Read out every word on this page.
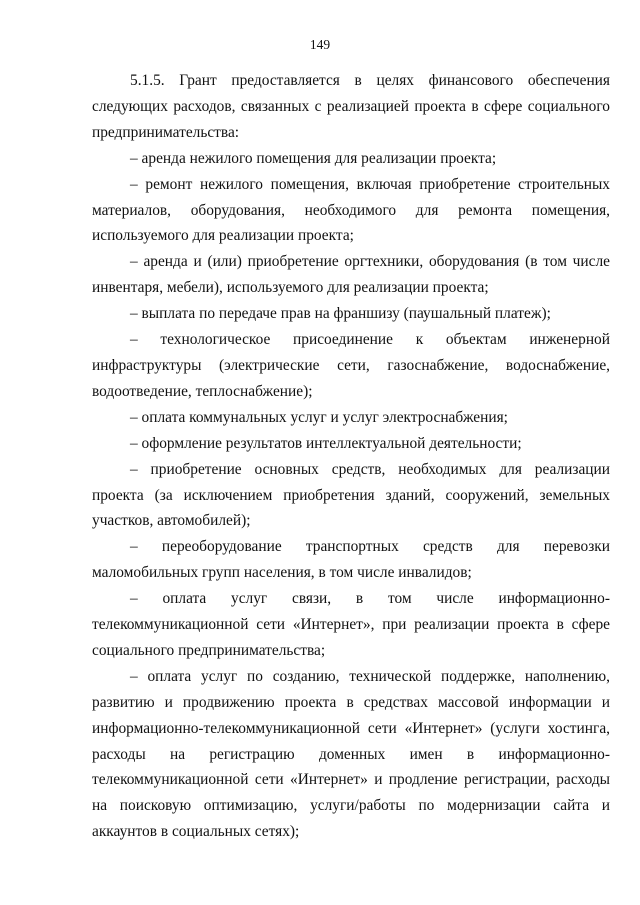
149

5.1.5. Грант предоставляется в целях финансового обеспечения следующих расходов, связанных с реализацией проекта в сфере социального предпринимательства:

– аренда нежилого помещения для реализации проекта;

– ремонт нежилого помещения, включая приобретение строительных материалов, оборудования, необходимого для ремонта помещения, используемого для реализации проекта;

– аренда и (или) приобретение оргтехники, оборудования (в том числе инвентаря, мебели), используемого для реализации проекта;

– выплата по передаче прав на франшизу (паушальный платеж);

– технологическое присоединение к объектам инженерной инфраструктуры (электрические сети, газоснабжение, водоснабжение, водоотведение, теплоснабжение);

– оплата коммунальных услуг и услуг электроснабжения;

– оформление результатов интеллектуальной деятельности;

– приобретение основных средств, необходимых для реализации проекта (за исключением приобретения зданий, сооружений, земельных участков, автомобилей);

– переоборудование транспортных средств для перевозки маломобильных групп населения, в том числе инвалидов;

– оплата услуг связи, в том числе информационно-телекоммуникационной сети «Интернет», при реализации проекта в сфере социального предпринимательства;

– оплата услуг по созданию, технической поддержке, наполнению, развитию и продвижению проекта в средствах массовой информации и информационно-телекоммуникационной сети «Интернет» (услуги хостинга, расходы на регистрацию доменных имен в информационно-телекоммуникационной сети «Интернет» и продление регистрации, расходы на поисковую оптимизацию, услуги/работы по модернизации сайта и аккаунтов в социальных сетях);
